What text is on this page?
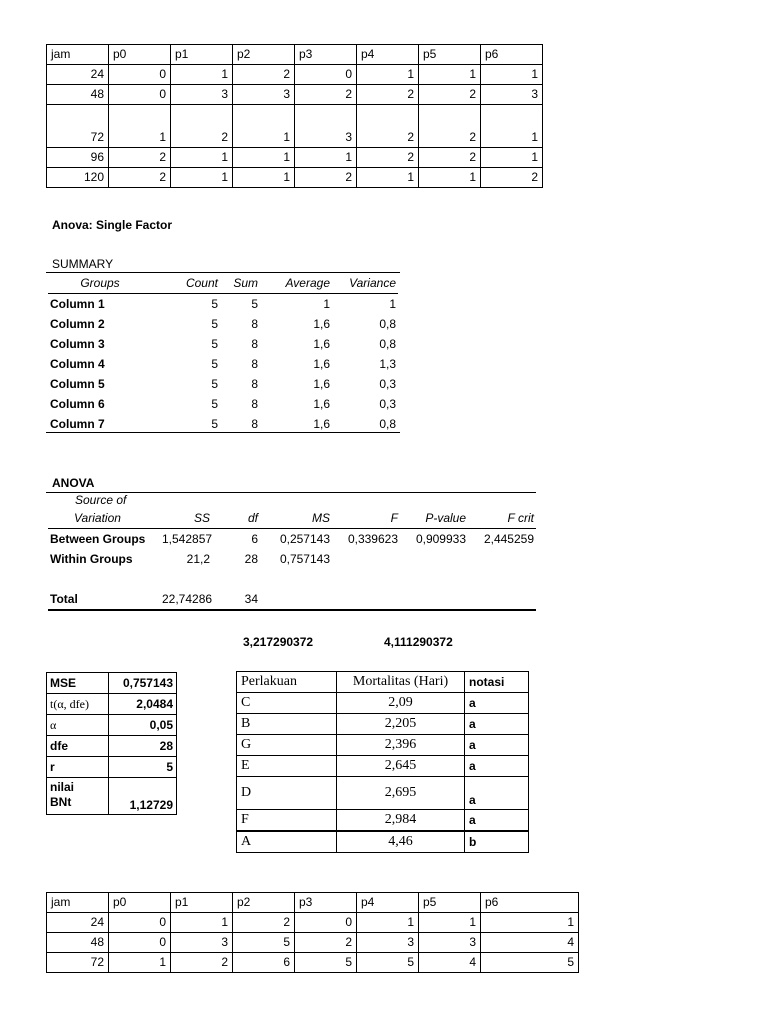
jam	p0	p1	p2	p3	p4	p5	p6
24	0	1	2	0	1	1	1
48	0	3	3	2	2	2	3
72	1	2	1	3	2	2	1
96	2	1	1	1	2	2	1
120	2	1	1	2	1	1	2
Anova: Single Factor
SUMMARY
Groups	Count	Sum	Average	Variance
Column 1	5	5	1	1
Column 2	5	8	1,6	0,8
Column 3	5	8	1,6	0,8
Column 4	5	8	1,6	1,3
Column 5	5	8	1,6	0,3
Column 6	5	8	1,6	0,3
Column 7	5	8	1,6	0,8
ANOVA
Source of
Variation	SS	df	MS	F	P-value	F crit
Between Groups	1,542857	6	0,257143	0,339623	0,909933	2,445259
Within Groups	21,2	28	0,757143			

Total	22,74286	34				
3,217290372	4,111290372
MSE	0,757143
t(α, dfe)	2,0484
α	0,05
dfe	28
r	5

nilai
BNt	1,12729
Perlakuan	Mortalitas (Hari)	notasi
C	2,09	a
B	2,205	a
G	2,396	a
E	2,645	a
D	2,695	a
F	2,984	a
A	4,46	b
jam	p0	p1	p2	p3	p4	p5	p6
24	0	1	2	0	1	1	1
48	0	3	5	2	3	3	4
72	1	2	6	5	5	4	5
